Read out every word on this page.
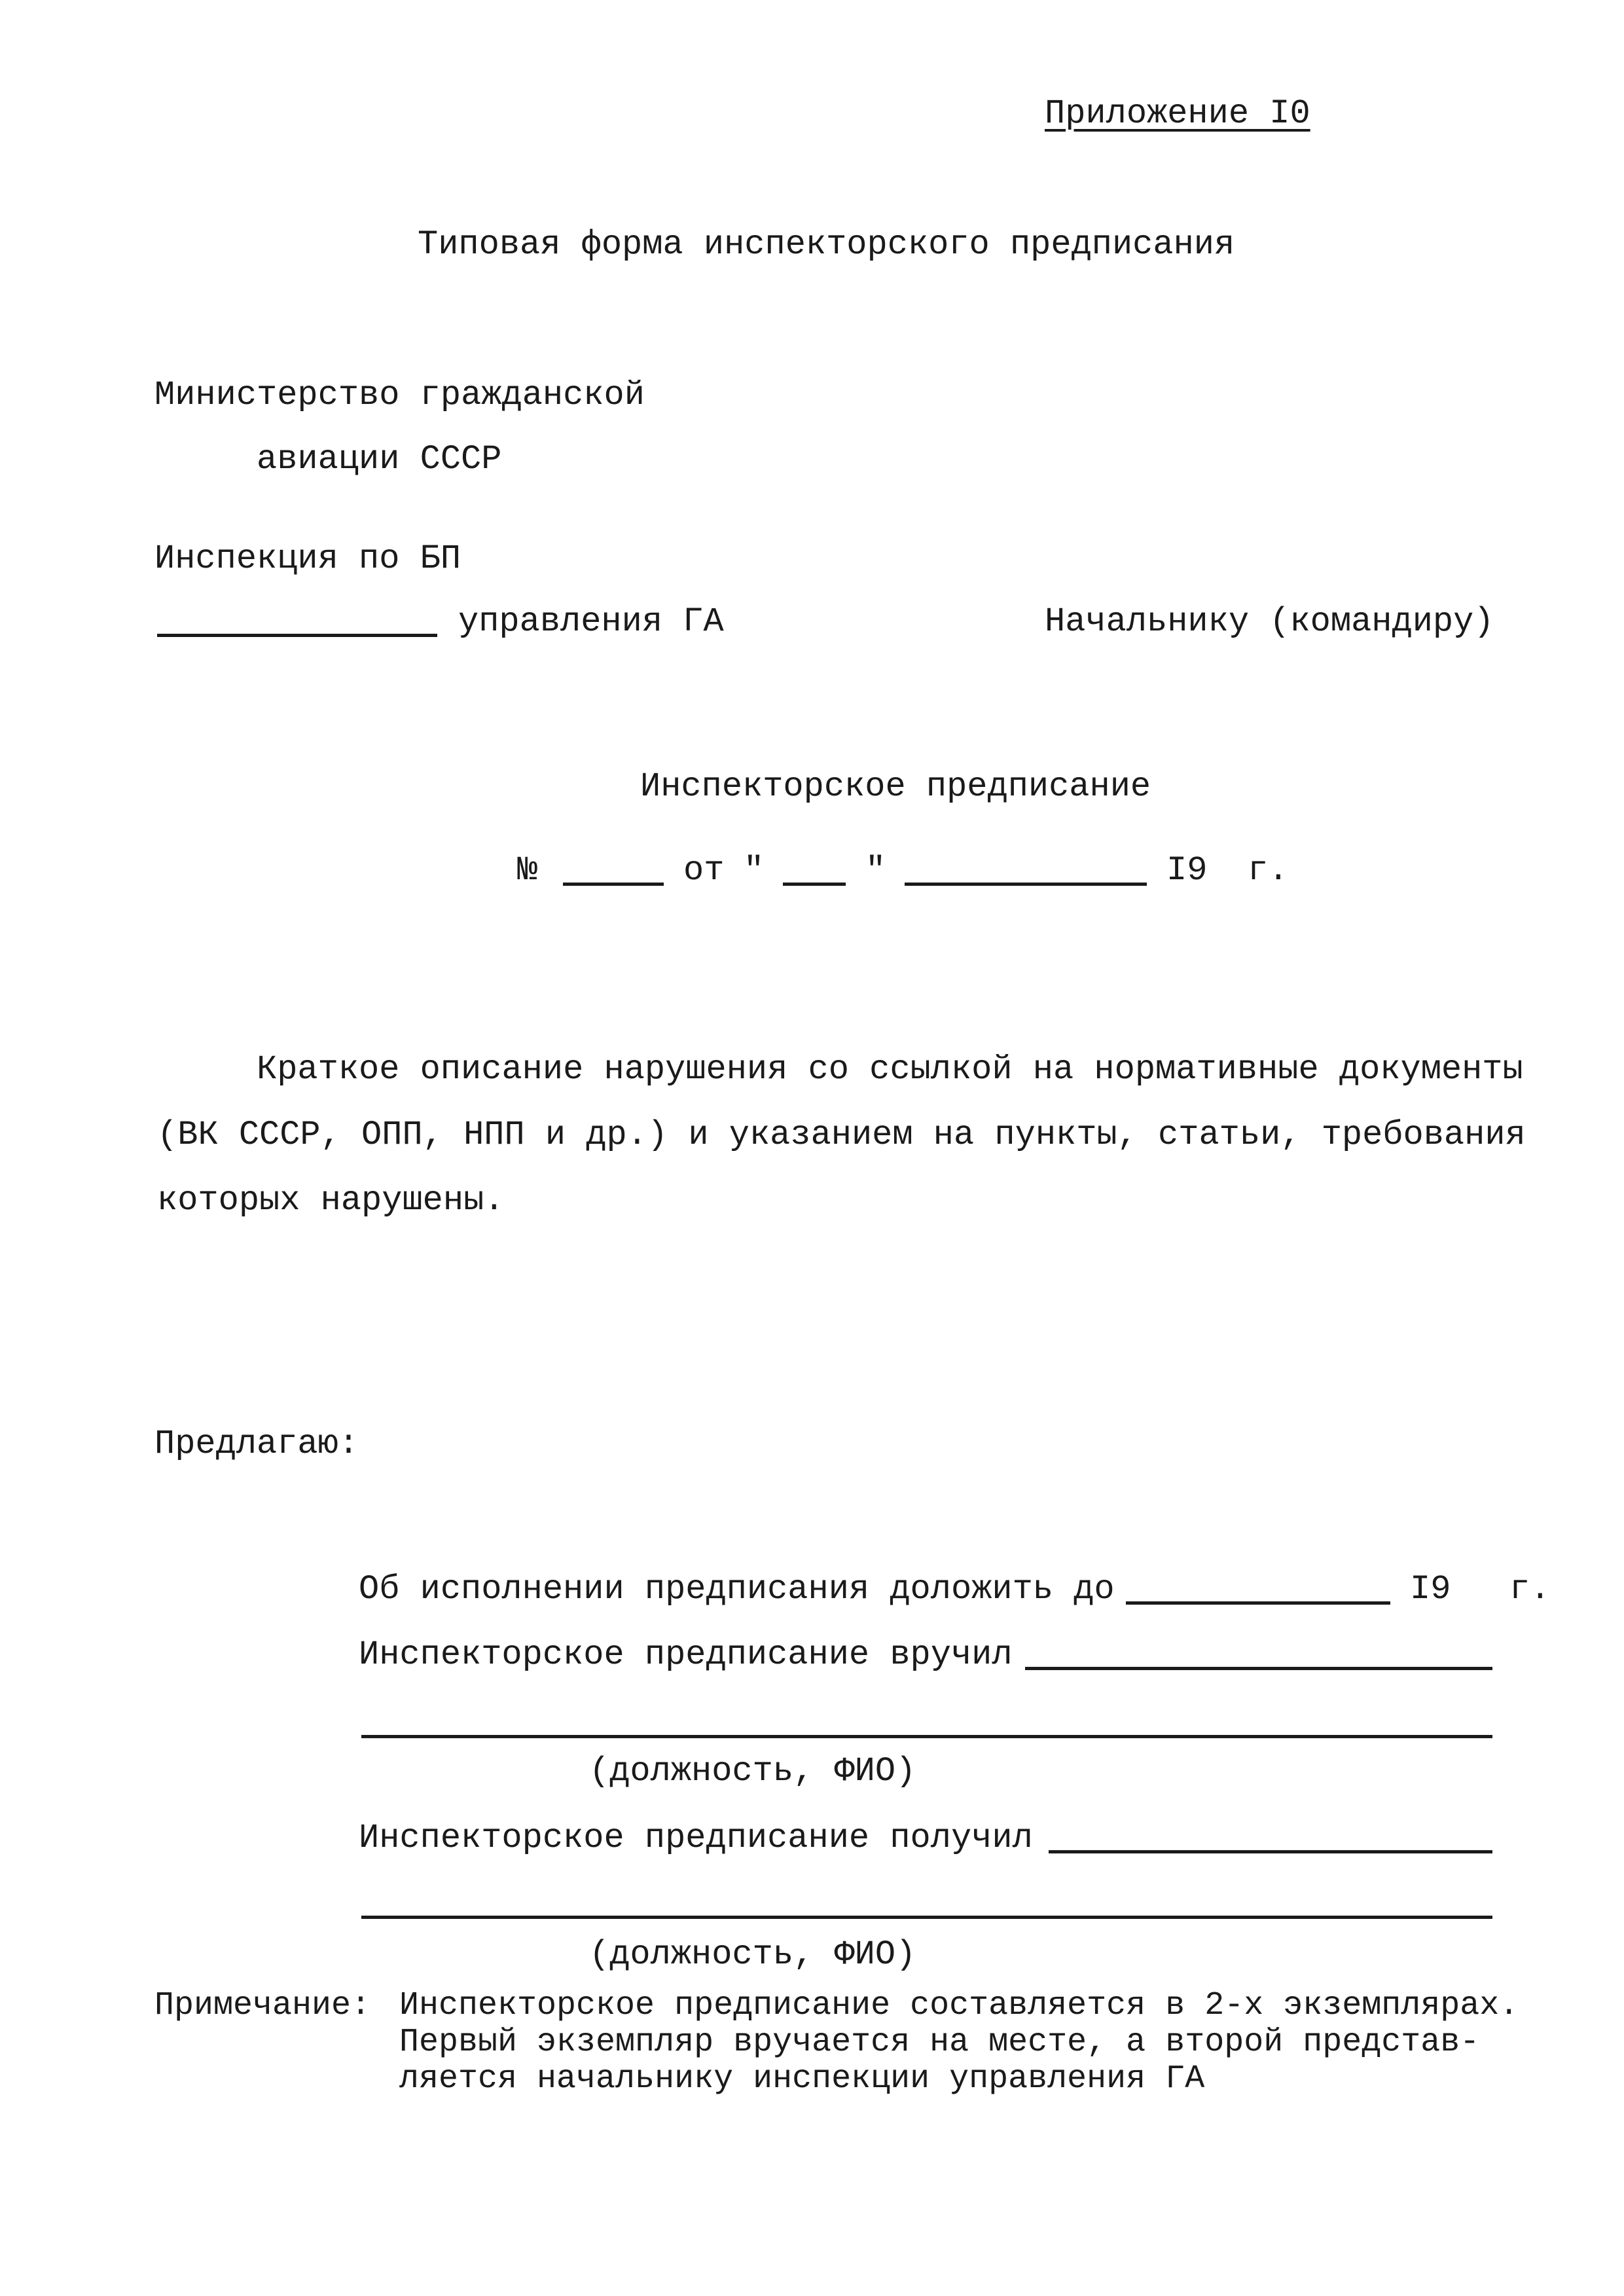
Приложение I0

Типовая форма инспекторского предписания

Министерство гражданской

авиации СССР

Инспекция по БП

управления ГА	Начальнику (командиру)

Инспекторское предписание

№	от "	"	I9 г.

Краткое описание нарушения со ссылкой на нормативные документы

(ВК СССР, ОПП, НПП и др.) и указанием на пункты, статьи, требования

которых нарушены.

Предлагаю:

Об исполнении предписания доложить до	I9 г.

Инспекторское предписание вручил

(должность, ФИО)

Инспекторское предписание получил

(должность, ФИО)

Примечание: Инспекторское предписание составляется в 2-х экземплярах.

Первый экземпляр вручается на месте, а второй представ-

ляется начальнику инспекции управления ГА
